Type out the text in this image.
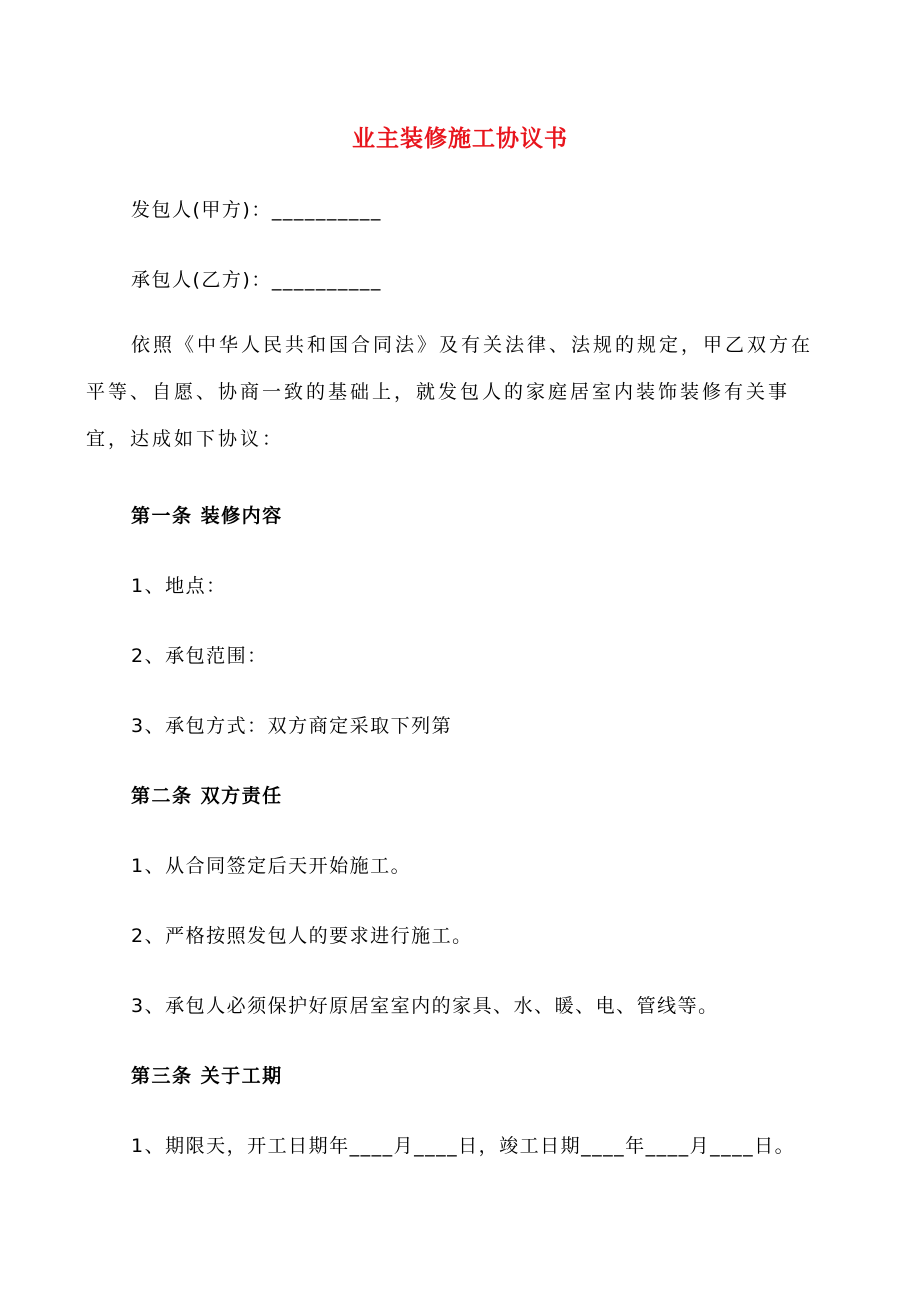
业主装修施工协议书
发包人(甲方)：__________
承包人(乙方)：__________
依照《中华人民共和国合同法》及有关法律、法规的规定，甲乙双方在平等、自愿、协商一致的基础上，就发包人的家庭居室内装饰装修有关事宜，达成如下协议：
第一条 装修内容
1、地点：
2、承包范围：
3、承包方式：双方商定采取下列第
第二条 双方责任
1、从合同签定后天开始施工。
2、严格按照发包人的要求进行施工。
3、承包人必须保护好原居室室内的家具、水、暖、电、管线等。
第三条 关于工期
1、期限天，开工日期年____月____日，竣工日期____年____月____日。
